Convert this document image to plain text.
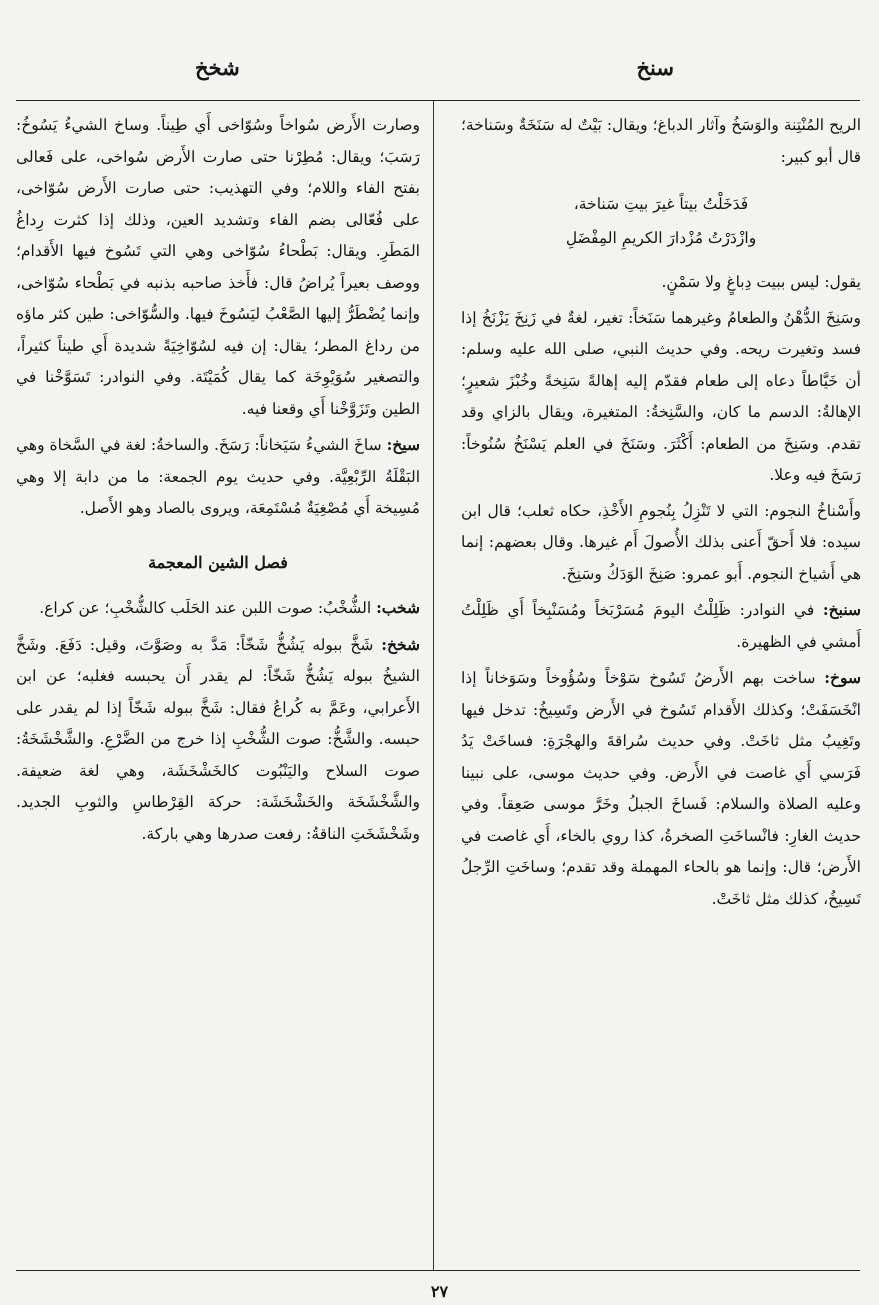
سنخ
شخخ

الريح المُنْتِنة والوَسَخُ وآثار الدباغ؛ ويقال: بَيْتٌ له سَنَخَةٌ وسَناخة؛ قال أبو كبير:

فَدَخَلْتُ بيتاً غيرَ بيتِ سَناخة،
وازْدَرْتُ مُزْدارَ الكريمِ المِفْضَلِ

يقول: ليس ببيت دِباغٍ ولا سَمْنٍ.

وسَنِخَ الدُّهْنُ والطعامُ وغيرهما سَنَخاً: تغير، لغةٌ في زَنِخَ يَزْنَخُ إذا فسد وتغيرت ريحه. وفي حديث النبي، صلى الله عليه وسلم: أن خَيَّاطاً دعاه إلى طعام فقدّم إليه إهالةً سَنِخةً وخُبْزَ شعيرٍ؛ الإهالةُ: الدسم ما كان، والسَّنِخةُ: المتغيرة، ويقال بالزاي وقد تقدم. وسَنِخَ من الطعام: أَكْثَرَ. وسَنَخَ في العلم يَسْنَخُ سُنُوخاً: رَسَخَ فيه وعلا.

وأَسْناخُ النجوم: التي لا تَنْزِلُ بِنُجومِ الأَخْذِ، حكاه ثعلب؛ قال ابن سيده: فلا أَحقّ أَعنى بذلك الأُصولَ أَم غيرها. وقال بعضهم: إنما هي أَشياخ النجوم. أَبو عمرو: صَنِخَ الوَدَكُ وسَنِخَ.

سنبخ: في النوادر: ظَلِلْتُ اليومَ مُسَرْبَخاً ومُسَنْبِخاً أَي ظَلِلْتُ أَمشي في الظهيرة.

سوخ: ساخت بهم الأَرضُ تَسُوخ سَوْخاً وسُؤُوخاً وسَوَخاناً إذا انْخَسَفَتْ؛ وكذلك الأَقدام تَسُوخ في الأَرض وتَسِيخُ: تدخل فيها وتَغِيبُ مثل ثاخَتْ. وفي حديث سُراقةَ والهجْرَةِ: فساخَتْ يَدُ فَرَسي أَي غاصت في الأَرض. وفي حديث موسى، على نبينا وعليه الصلاة والسلام: فَساخَ الجبلُ وخَرَّ موسى صَعِقاً. وفي حديث الغارِ: فانْساخَتِ الصخرةُ، كذا روي بالخاء، أَي غاصت في الأَرض؛ قال: وإنما هو بالحاء المهملة وقد تقدم؛ وساخَتِ الرِّجلُ تَسِيخُ، كذلك مثل ثاخَتْ.

وصارت الأَرض سُواخاً وسُوّاخى أَي طِيناً. وساخ الشيءُ يَسُوخُ: رَسَبَ؛ ويقال: مُطِرْنا حتى صارت الأَرض سُواخى، على فَعالى بفتح الفاء واللام؛ وفي التهذيب: حتى صارت الأَرض سُوّاخى، على فُعّالى بضم الفاء وتشديد العين، وذلك إذا كثرت رِداغُ المَطَرِ. ويقال: بَطْحاءُ سُوّاخى وهي التي تَسُوخ فيها الأَقدام؛ ووصف بعيراً يُراضُ قال: فأَخذ صاحبه بذنبه في بَطْحاء سُوّاخى، وإنما يُضْطَرُّ إليها الصَّعْبُ ليَسُوخَ فيها. والسُّوّاخى: طين كثر ماؤه من رداغ المطر؛ يقال: إن فيه لسُوّاخِيَةً شديدة أَي طيناً كثيراً، والتصغير سُوَيْوِخَة كما يقال كُمَيْتَة. وفي النوادر: تَسَوَّخْنا في الطين وتَزَوَّخْنا أَي وقعنا فيه.

سيخ: ساخَ الشيءُ سَيَخاناً: رَسَخَ. والساخةُ: لغة في السَّخاة وهي البَقْلَةُ الرِّبْعِيَّة. وفي حديث يوم الجمعة: ما من دابة إلا وهي مُسِيخة أَي مُصْغِيَةٌ مُسْتَمِعَة، ويروى بالصاد وهو الأَصل.

فصل الشين المعجمة

شخب: الشُّخْبُ: صوت اللبن عند الحَلَب كالشُّخْبِ؛ عن كراع.

شخخ: شَخَّ ببوله يَشُخُّ شَخّاً: مَدَّ به وصَوَّتَ، وقيل: دَفَعَ. وشَخَّ الشيخُ ببوله يَشُخُّ شَخّاً: لم يقدر أَن يحبسه فغلبه؛ عن ابن الأَعرابي، وعَمَّ به كُراعُ فقال: شَخَّ ببوله شَخّاً إذا لم يقدر على حبسه. والشَّخُّ: صوت الشُّخْبِ إذا خرج من الضَّرْعِ. والشَّخْشَخَةُ: صوت السلاح واليَنْبُوت كالخَشْخَشَة، وهي لغة ضعيفة. والشَّخْشَخَة والخَشْخَشَة: حركة القِرْطاسِ والثوبِ الجديد. وشَخْشَخَتِ الناقةُ: رفعت صدرها وهي باركة.

٢٧
